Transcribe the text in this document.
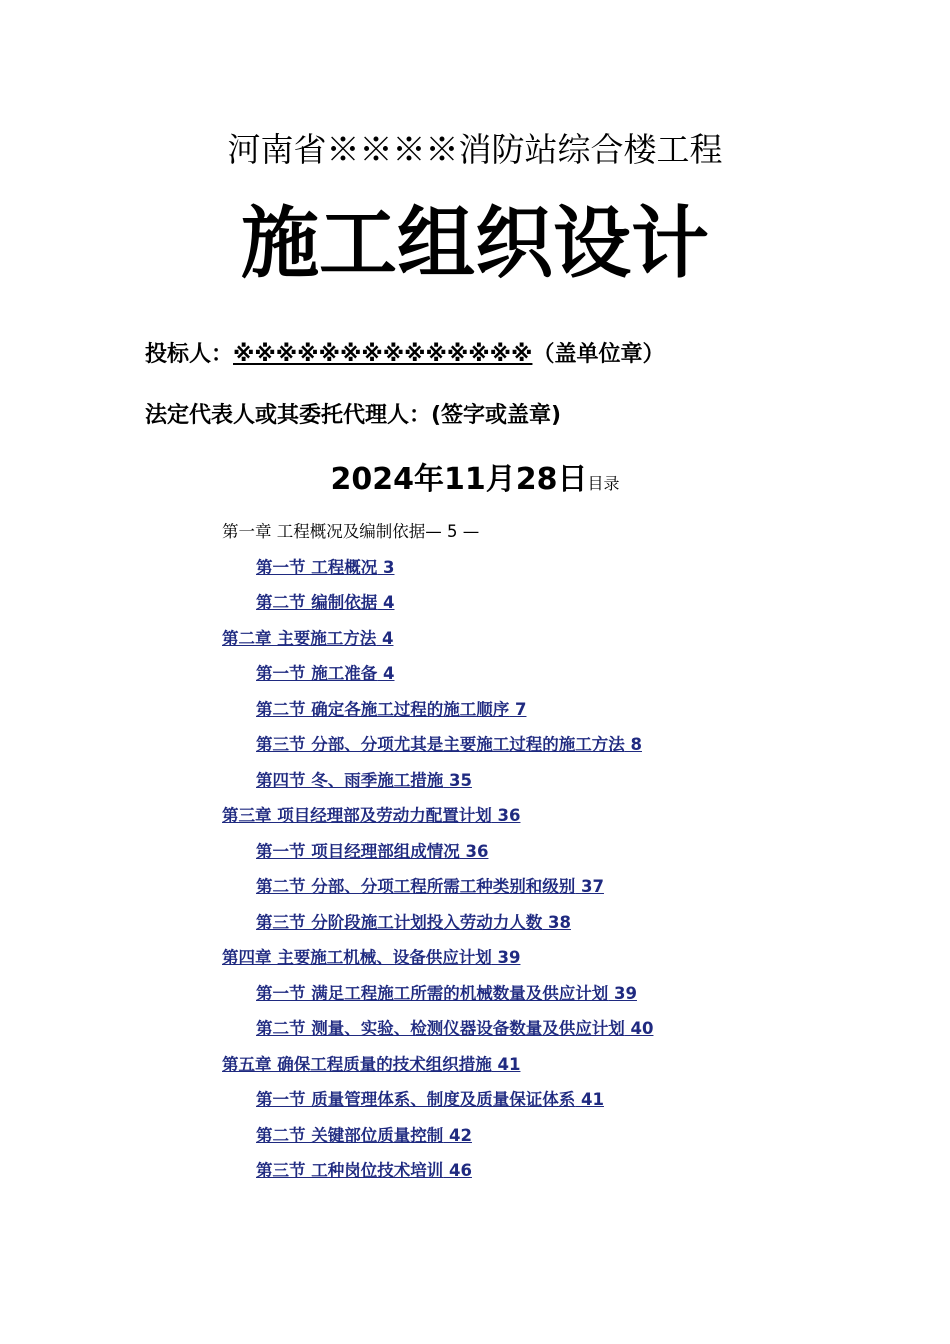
河南省※※※※消防站综合楼工程
施工组织设计
投标人：※※※※※※※※※※※※※※（盖单位章）
法定代表人或其委托代理人：(签字或盖章)
2024年11月28日目录
第一章 工程概况及编制依据— 5 —
第一节 工程概况 3
第二节 编制依据 4
第二章 主要施工方法 4
第一节 施工准备 4
第二节 确定各施工过程的施工顺序 7
第三节 分部、分项尤其是主要施工过程的施工方法 8
第四节 冬、雨季施工措施 35
第三章 项目经理部及劳动力配置计划 36
第一节 项目经理部组成情况 36
第二节 分部、分项工程所需工种类别和级别 37
第三节 分阶段施工计划投入劳动力人数 38
第四章 主要施工机械、设备供应计划 39
第一节 满足工程施工所需的机械数量及供应计划 39
第二节 测量、实验、检测仪器设备数量及供应计划 40
第五章 确保工程质量的技术组织措施 41
第一节 质量管理体系、制度及质量保证体系 41
第二节 关键部位质量控制 42
第三节 工种岗位技术培训 46
